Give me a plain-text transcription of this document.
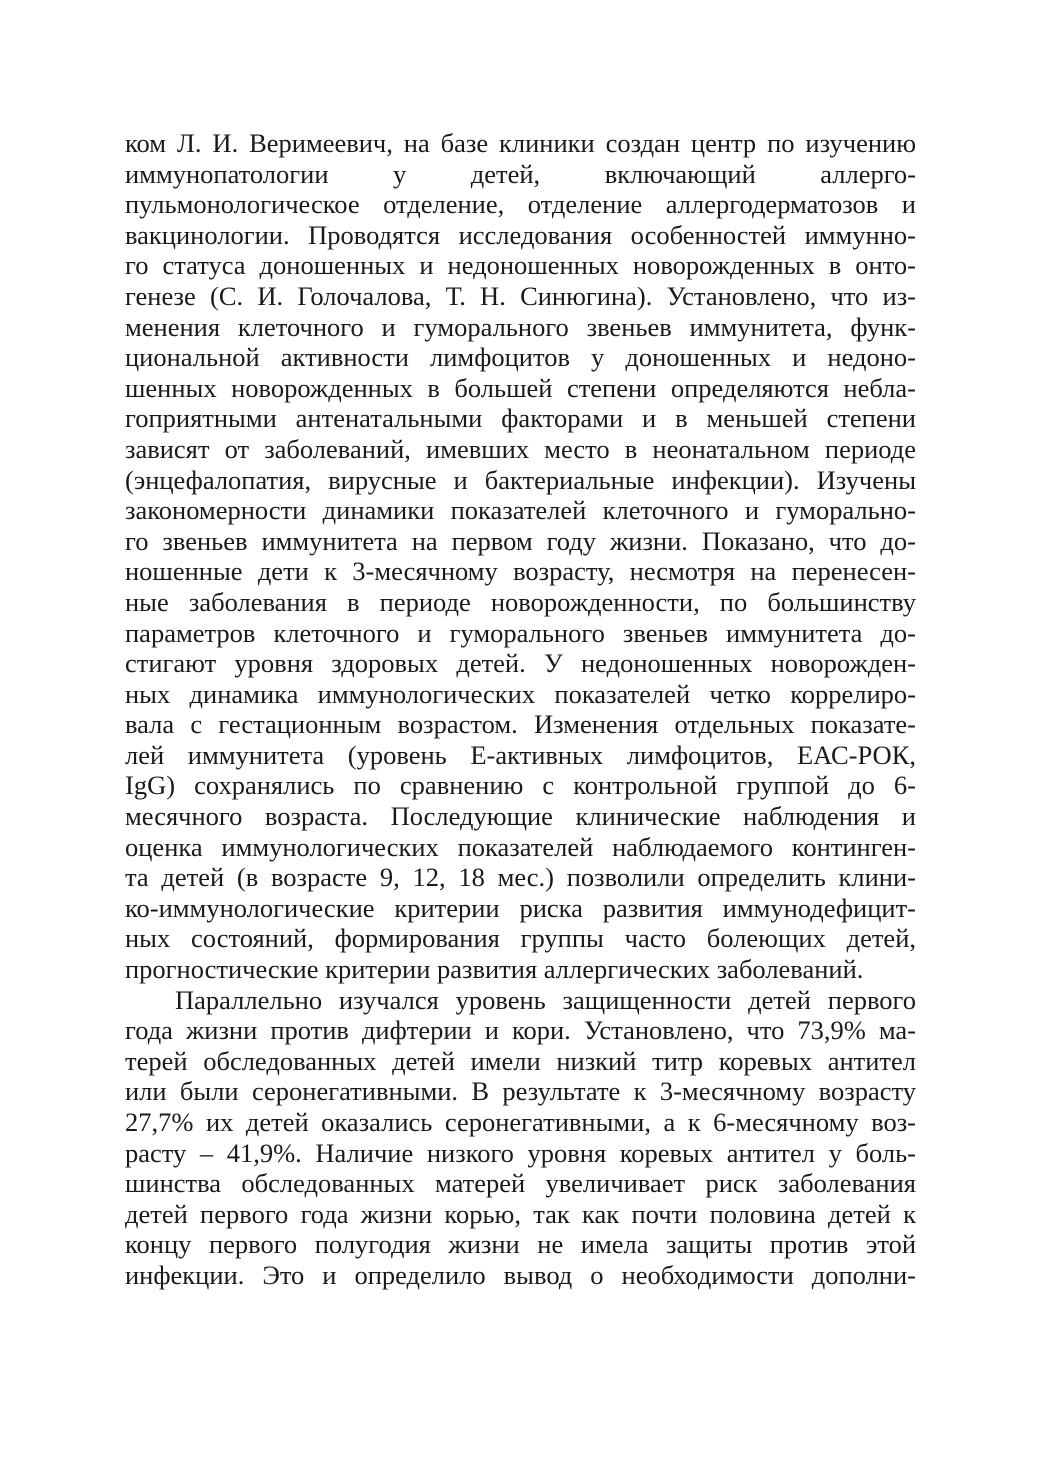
ком Л. И. Веримеевич, на базе клиники создан центр по изучению
иммунопатологии у детей, включающий аллерго-
пульмонологическое отделение, отделение аллергодерматозов и
вакцинологии. Проводятся исследования особенностей иммунно-
го статуса доношенных и недоношенных новорожденных в онто-
генезе (С. И. Голочалова, Т. Н. Синюгина). Установлено, что из-
менения клеточного и гуморального звеньев иммунитета, функ-
циональной активности лимфоцитов у доношенных и недоно-
шенных новорожденных в большей степени определяются небла-
гоприятными антенатальными факторами и в меньшей степени
зависят от заболеваний, имевших место в неонатальном периоде
(энцефалопатия, вирусные и бактериальные инфекции). Изучены
закономерности динамики показателей клеточного и гуморально-
го звеньев иммунитета на первом году жизни. Показано, что до-
ношенные дети к 3-месячному возрасту, несмотря на перенесен-
ные заболевания в периоде новорожденности, по большинству
параметров клеточного и гуморального звеньев иммунитета до-
стигают уровня здоровых детей. У недоношенных новорожден-
ных динамика иммунологических показателей четко коррелиро-
вала с гестационным возрастом. Изменения отдельных показате-
лей иммунитета (уровень Е-активных лимфоцитов, ЕАС-РОК,
IgG) сохранялись по сравнению с контрольной группой до 6-
месячного возраста. Последующие клинические наблюдения и
оценка иммунологических показателей наблюдаемого континген-
та детей (в возрасте 9, 12, 18 мес.) позволили определить клини-
ко-иммунологические критерии риска развития иммунодефицит-
ных состояний, формирования группы часто болеющих детей,
прогностические критерии развития аллергических заболеваний.

Параллельно изучался уровень защищенности детей первого
года жизни против дифтерии и кори. Установлено, что 73,9% ма-
терей обследованных детей имели низкий титр коревых антител
или были серонегативными. В результате к 3-месячному возрасту
27,7% их детей оказались серонегативными, а к 6-месячному воз-
расту – 41,9%. Наличие низкого уровня коревых антител у боль-
шинства обследованных матерей увеличивает риск заболевания
детей первого года жизни корью, так как почти половина детей к
концу первого полугодия жизни не имела защиты против этой
инфекции. Это и определило вывод о необходимости дополни-
